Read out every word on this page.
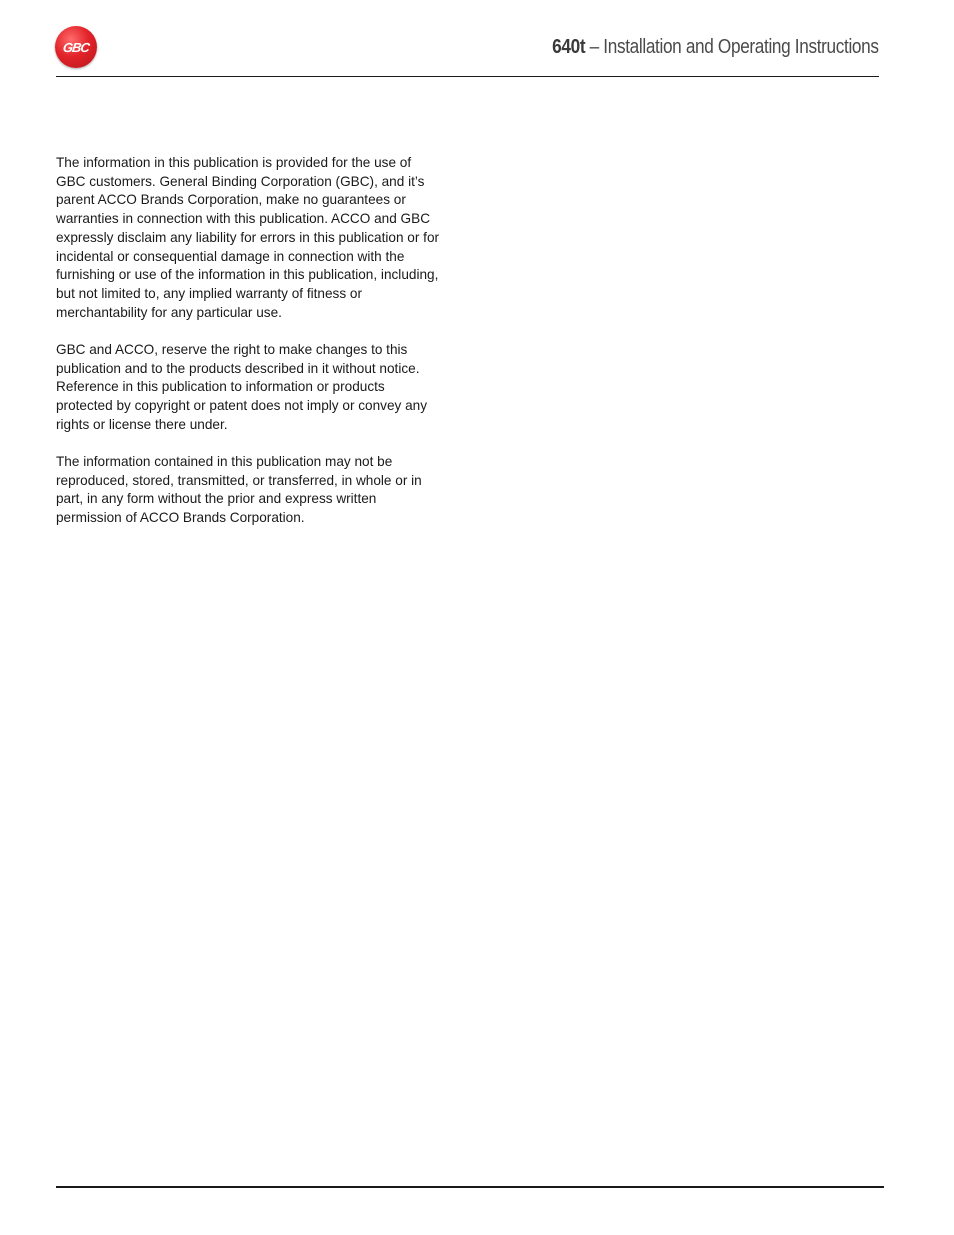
GBC	640t – Installation and Operating Instructions

The information in this publication is provided for the use of GBC customers. General Binding Corporation (GBC), and it’s parent ACCO Brands Corporation, make no guarantees or warranties in connection with this publication. ACCO and GBC expressly disclaim any liability for errors in this publication or for incidental or consequential damage in connection with the furnishing or use of the information in this publication, including, but not limited to, any implied warranty of fitness or merchantability for any particular use.

GBC and ACCO, reserve the right to make changes to this publication and to the products described in it without notice. Reference in this publication to information or products protected by copyright or patent does not imply or convey any rights or license there under.

The information contained in this publication may not be reproduced, stored, transmitted, or transferred, in whole or in part, in any form without the prior and express written permission of ACCO Brands Corporation.
